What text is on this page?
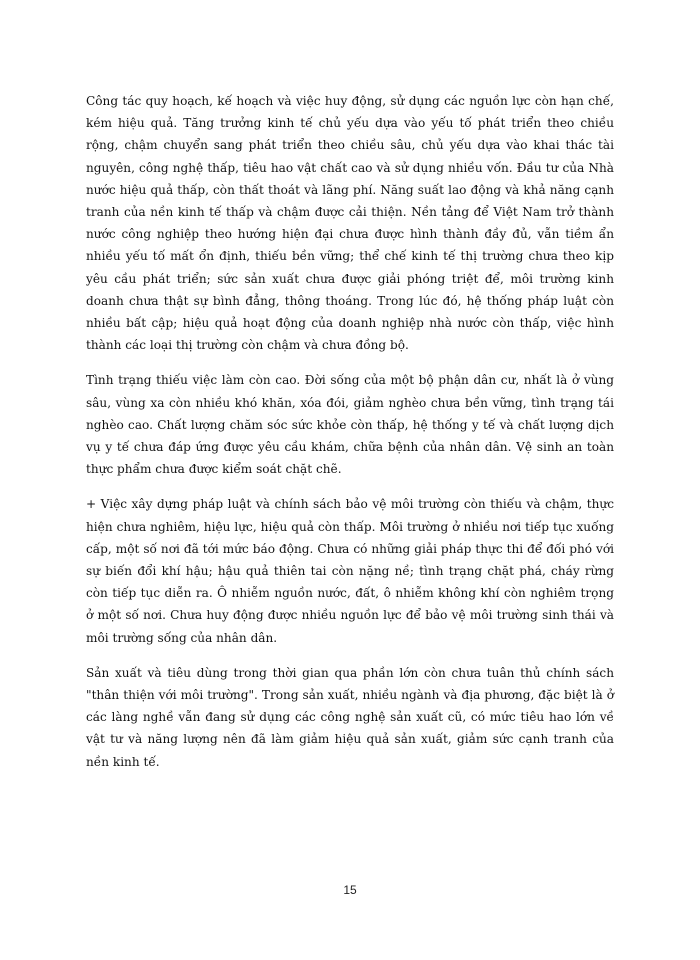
Công tác quy hoạch, kế hoạch và việc huy động, sử dụng các nguồn lực còn hạn chế, kém hiệu quả. Tăng trưởng kinh tế chủ yếu dựa vào yếu tố phát triển theo chiều rộng, chậm chuyển sang phát triển theo chiều sâu, chủ yếu dựa vào khai thác tài nguyên, công nghệ thấp, tiêu hao vật chất cao và sử dụng nhiều vốn. Đầu tư của Nhà nước hiệu quả thấp, còn thất thoát và lãng phí. Năng suất lao động và khả năng cạnh tranh của nền kinh tế thấp và chậm được cải thiện. Nền tảng để Việt Nam trở thành nước công nghiệp theo hướng hiện đại chưa được hình thành đầy đủ, vẫn tiềm ẩn nhiều yếu tố mất ổn định, thiếu bền vững; thể chế kinh tế thị trường chưa theo kịp yêu cầu phát triển; sức sản xuất chưa được giải phóng triệt để, môi trường kinh doanh chưa thật sự bình đẳng, thông thoáng. Trong lúc đó, hệ thống pháp luật còn nhiều bất cập; hiệu quả hoạt động của doanh nghiệp nhà nước còn thấp, việc hình thành các loại thị trường còn chậm và chưa đồng bộ.

Tình trạng thiếu việc làm còn cao. Đời sống của một bộ phận dân cư, nhất là ở vùng sâu, vùng xa còn nhiều khó khăn, xóa đói, giảm nghèo chưa bền vững, tình trạng tái nghèo cao. Chất lượng chăm sóc sức khỏe còn thấp, hệ thống y tế và chất lượng dịch vụ y tế chưa đáp ứng được yêu cầu khám, chữa bệnh của nhân dân. Vệ sinh an toàn thực phẩm chưa được kiểm soát chặt chẽ.

+ Việc xây dựng pháp luật và chính sách bảo vệ môi trường còn thiếu và chậm, thực hiện chưa nghiêm, hiệu lực, hiệu quả còn thấp. Môi trường ở nhiều nơi tiếp tục xuống cấp, một số nơi đã tới mức báo động. Chưa có những giải pháp thực thi để đối phó với sự biến đổi khí hậu; hậu quả thiên tai còn nặng nề; tình trạng chặt phá, cháy rừng còn tiếp tục diễn ra. Ô nhiễm nguồn nước, đất, ô nhiễm không khí còn nghiêm trọng ở một số nơi. Chưa huy động được nhiều nguồn lực để bảo vệ môi trường sinh thái và môi trường sống của nhân dân.

Sản xuất và tiêu dùng trong thời gian qua phần lớn còn chưa tuân thủ chính sách "thân thiện với môi trường". Trong sản xuất, nhiều ngành và địa phương, đặc biệt là ở các làng nghề vẫn đang sử dụng các công nghệ sản xuất cũ, có mức tiêu hao lớn về vật tư và năng lượng nên đã làm giảm hiệu quả sản xuất, giảm sức cạnh tranh của nền kinh tế.

15
